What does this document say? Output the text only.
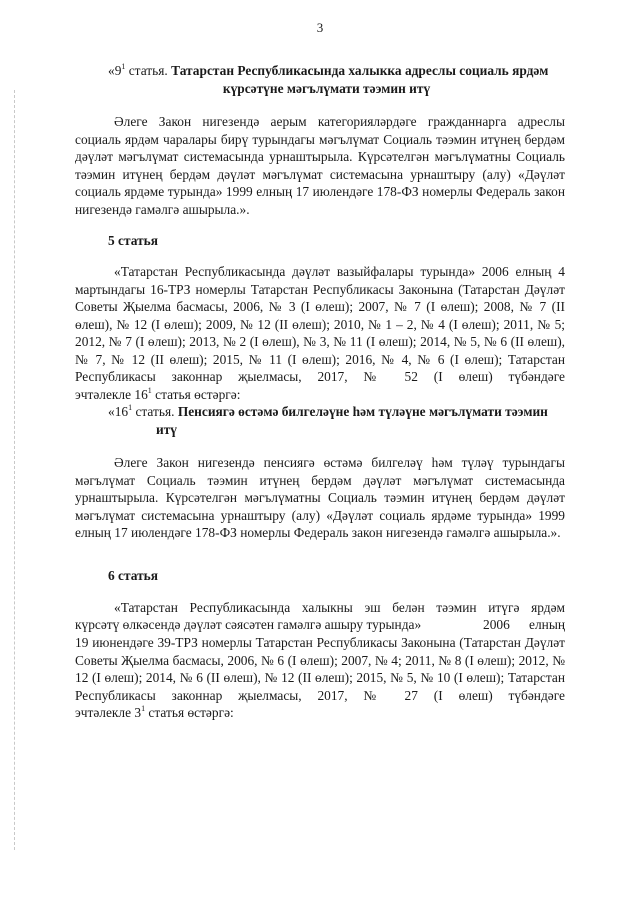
3
«$9^1$ статья. Татарстан Республикасында халыкка адреслы социаль ярдәм
күрсәтүне мәгълүмати тәэмин итү
Әлеге Закон нигезендә аерым категорияләрдәге гражданнарга адреслы социаль ярдәм чаралары бирү турындагы мәгълүмат Социаль тәэмин итүнең бердәм дәүләт мәгълүмат системасында урнаштырыла. Күрсәтелгән мәгълүматны Социаль тәэмин итүнең бердәм дәүләт мәгълүмат системасына урнаштыру (алу) «Дәүләт социаль ярдәме турында» 1999 елның 17 июлендәге 178-ФЗ номерлы Федераль закон нигезендә гамәлгә ашырыла.».
5 статья
«Татарстан Республикасында дәүләт вазыйфалары турында» 2006 елның 4 мартындагы 16-ТРЗ номерлы Татарстан Республикасы Законына (Татарстан Дәүләт Советы Җыелма басмасы, 2006, № 3 (I өлеш); 2007, № 7 (I өлеш); 2008, № 7 (II өлеш), № 12 (I өлеш); 2009, № 12 (II өлеш); 2010, № 1 – 2, № 4 (I өлеш); 2011, № 5; 2012, № 7 (I өлеш); 2013, № 2 (I өлеш), № 3, № 11 (I өлеш); 2014, № 5, № 6 (II өлеш), № 7, № 12 (II өлеш); 2015, № 11 (I өлеш); 2016, № 4, № 6 (I өлеш); Татарстан Республикасы законнар җыелмасы, 2017, № 52 (I өлеш) түбәндәге
эчтәлекле $16^1$ статья өстәргә:
«$16^1$ статья. Пенсиягә өстәмә билгеләүне һәм түләүне мәгълүмати тәэмин
итү
Әлеге Закон нигезендә пенсиягә өстәмә билгеләү һәм түләү турындагы мәгълүмат Социаль тәэмин итүнең бердәм дәүләт мәгълүмат системасында урнаштырыла. Күрсәтелгән мәгълүматны Социаль тәэмин итүнең бердәм дәүләт мәгълүмат системасына урнаштыру (алу) «Дәүләт социаль ярдәме турында» 1999 елның 17 июлендәге 178-ФЗ номерлы Федераль закон нигезендә гамәлгә ашырыла.».
6 статья
«Татарстан Республикасында халыкны эш белән тәэмин итүгә ярдәм
күрсәтү өлкәсендә дәүләт сәясәтен гамәлгә ашыру турында»	2006 елның
19 июнендәге 39-ТРЗ номерлы Татарстан Республикасы Законына (Татарстан Дәүләт Советы Җыелма басмасы, 2006, № 6 (I өлеш); 2007, № 4; 2011, № 8 (I өлеш); 2012, № 12 (I өлеш); 2014, № 6 (II өлеш), № 12 (II өлеш); 2015, № 5, № 10 (I өлеш); Татарстан Республикасы законнар җыелмасы, 2017, № 27 (I өлеш) түбәндәге
эчтәлекле $3^1$ статья өстәргә:
